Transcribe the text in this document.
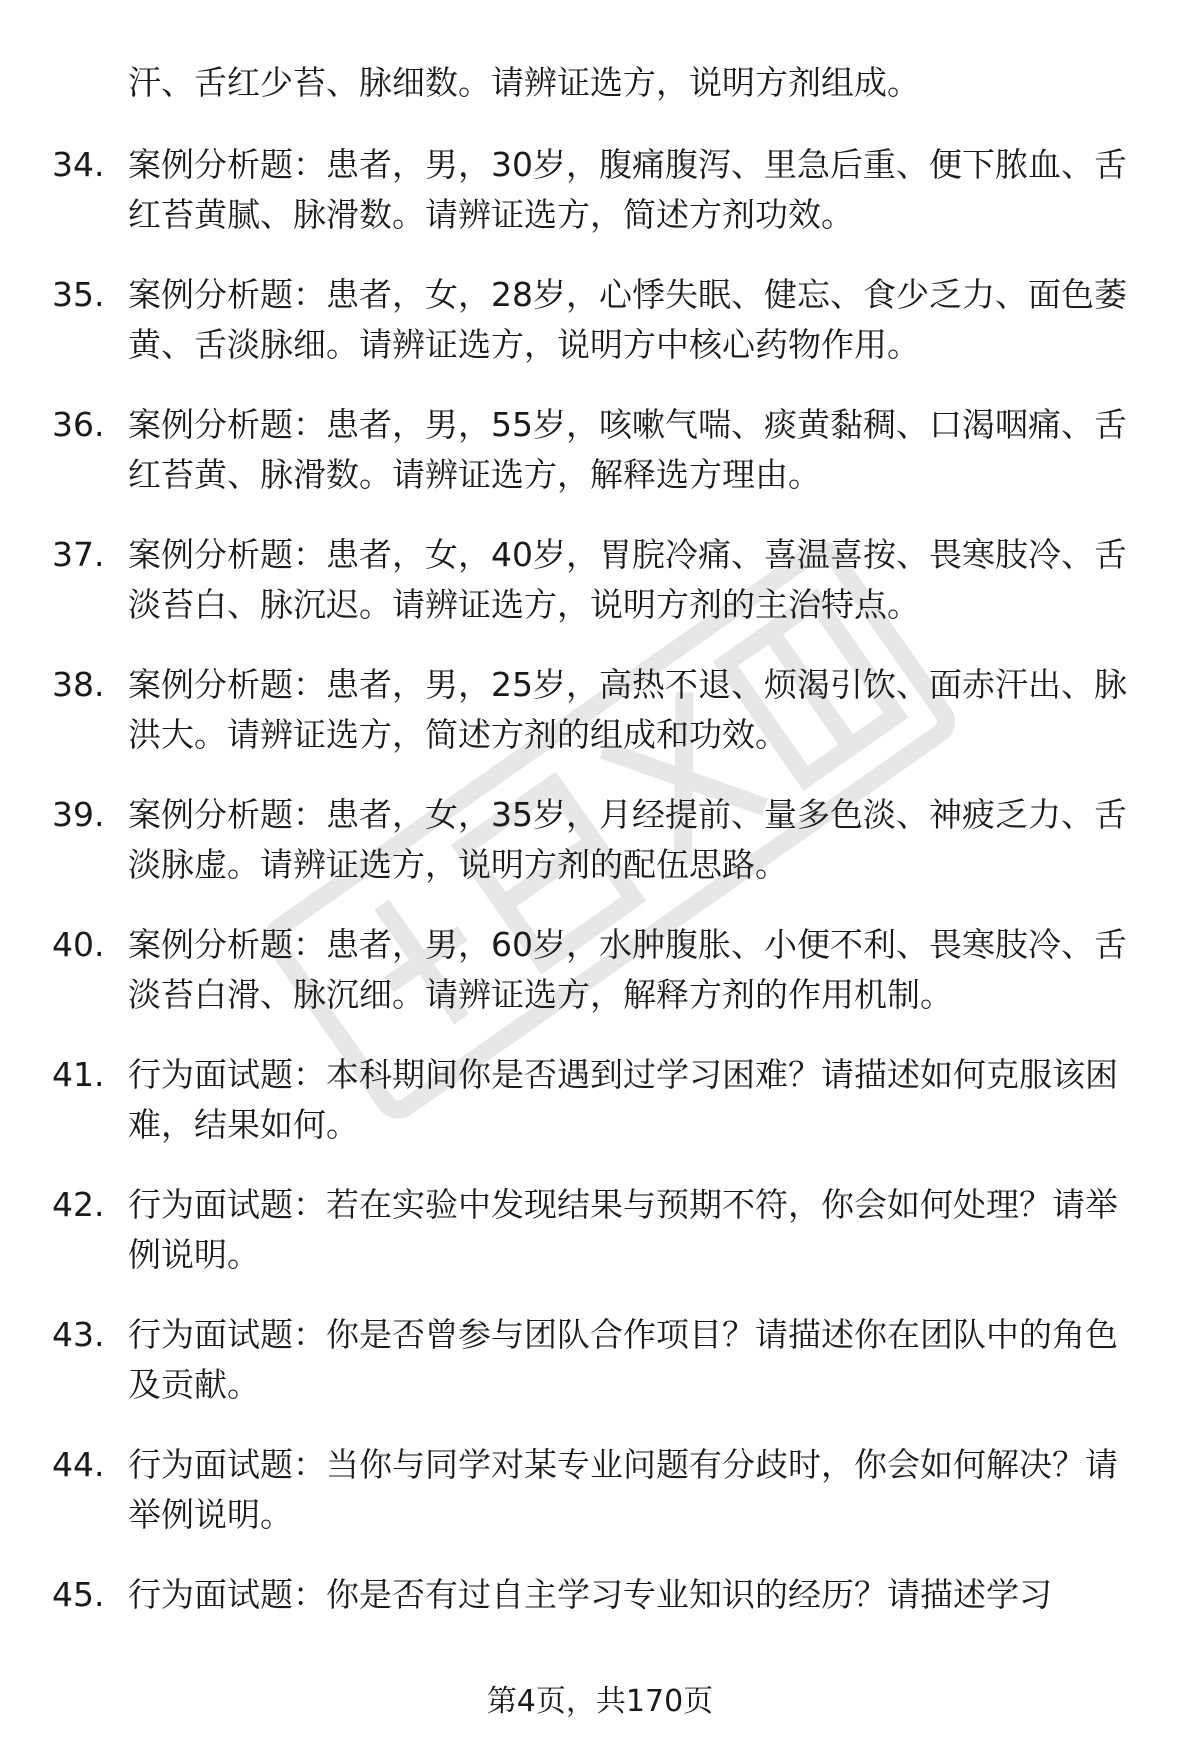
汗、舌红少苔、脉细数。请辨证选方，说明方剂组成。
34. 案例分析题：患者，男，30岁，腹痛腹泻、里急后重、便下脓血、舌红苔黄腻、脉滑数。请辨证选方，简述方剂功效。
35. 案例分析题：患者，女，28岁，心悸失眠、健忘、食少乏力、面色萎黄、舌淡脉细。请辨证选方，说明方中核心药物作用。
36. 案例分析题：患者，男，55岁，咳嗽气喘、痰黄黏稠、口渴咽痛、舌红苔黄、脉滑数。请辨证选方，解释选方理由。
37. 案例分析题：患者，女，40岁，胃脘冷痛、喜温喜按、畏寒肢冷、舌淡苔白、脉沉迟。请辨证选方，说明方剂的主治特点。
38. 案例分析题：患者，男，25岁，高热不退、烦渴引饮、面赤汗出、脉洪大。请辨证选方，简述方剂的组成和功效。
39. 案例分析题：患者，女，35岁，月经提前、量多色淡、神疲乏力、舌淡脉虚。请辨证选方，说明方剂的配伍思路。
40. 案例分析题：患者，男，60岁，水肿腹胀、小便不利、畏寒肢冷、舌淡苔白滑、脉沉细。请辨证选方，解释方剂的作用机制。
41. 行为面试题：本科期间你是否遇到过学习困难？请描述如何克服该困难，结果如何。
42. 行为面试题：若在实验中发现结果与预期不符，你会如何处理？请举例说明。
43. 行为面试题：你是否曾参与团队合作项目？请描述你在团队中的角色及贡献。
44. 行为面试题：当你与同学对某专业问题有分歧时，你会如何解决？请举例说明。
45. 行为面试题：你是否有过自主学习专业知识的经历？请描述学习
第4页，共170页
